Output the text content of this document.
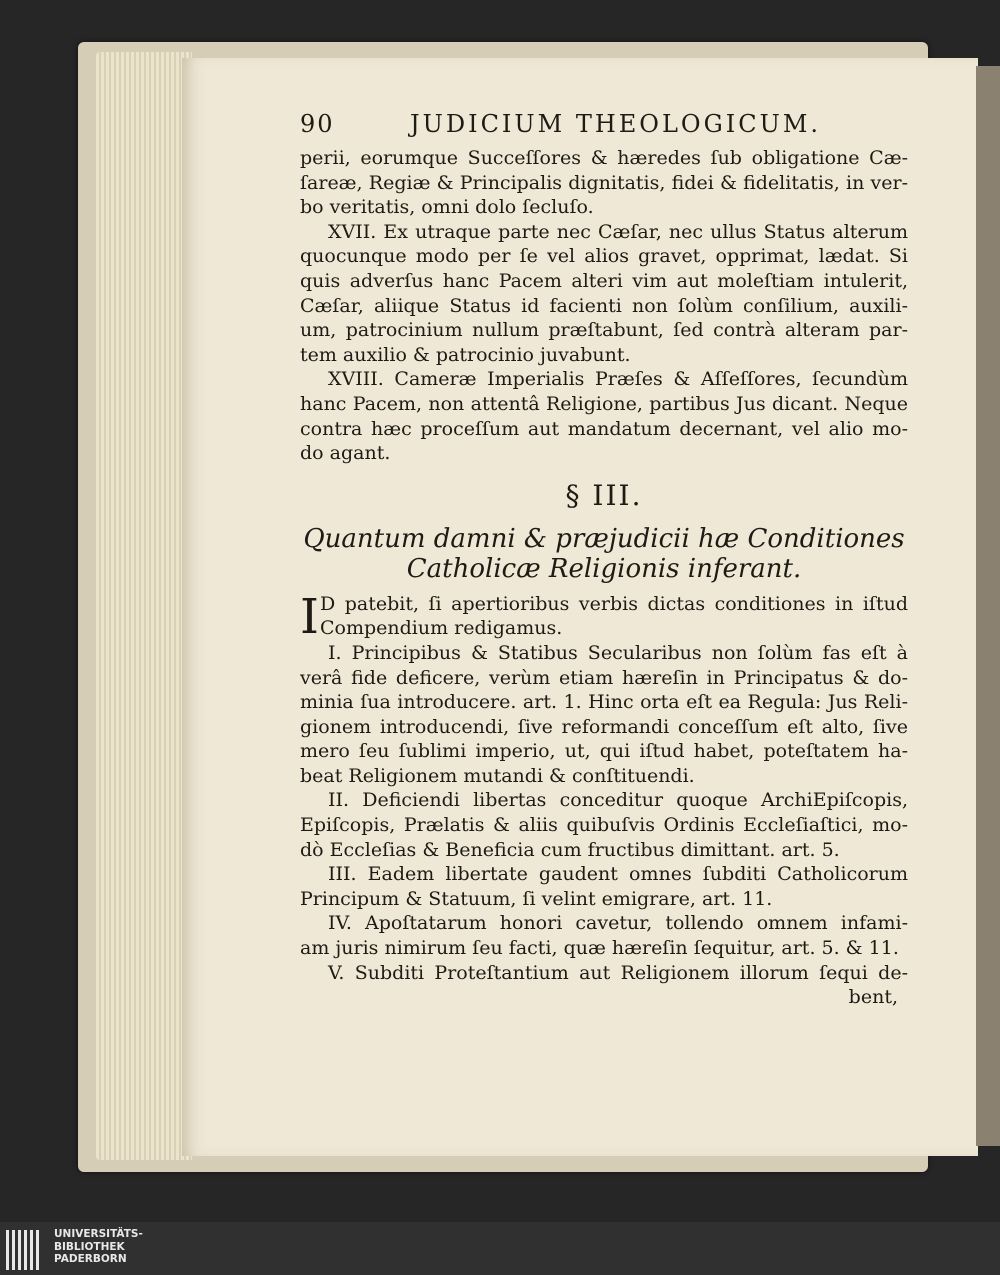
90	JUDICIUM THEOLOGICUM.
perii, eorumque Succeſſores & hæredes ſub obligatione Cæ-
ſareæ, Regiæ & Principalis dignitatis, fidei & fidelitatis, in ver-
bo veritatis, omni dolo ſecluſo.
XVII. Ex utraque parte nec Cæſar, nec ullus Status alterum
quocunque modo per ſe vel alios gravet, opprimat, lædat. Si
quis adverſus hanc Pacem alteri vim aut moleſtiam intulerit,
Cæſar, aliique Status id facienti non ſolùm conſilium, auxili-
um, patrocinium nullum præſtabunt, ſed contrà alteram par-
tem auxilio & patrocinio juvabunt.
XVIII. Cameræ Imperialis Præſes & Aſſeſſores, ſecundùm
hanc Pacem, non attentâ Religione, partibus Jus dicant. Neque
contra hæc proceſſum aut mandatum decernant, vel alio mo-
do agant.
§ III.
Quantum damni & præjudicii hæ Conditiones
Catholicæ Religionis inferant.
I D patebit, ſi apertioribus verbis dictas conditiones in iſtud
Compendium redigamus.
I. Principibus & Statibus Secularibus non ſolùm fas eſt à
verâ fide deficere, verùm etiam hæreſin in Principatus & do-
minia ſua introducere. art. 1. Hinc orta eſt ea Regula: Jus Reli-
gionem introducendi, ſive reformandi conceſſum eſt alto, ſive
mero ſeu ſublimi imperio, ut, qui iſtud habet, poteſtatem ha-
beat Religionem mutandi & conſtituendi.
II. Deficiendi libertas conceditur quoque ArchiEpiſcopis,
Epiſcopis, Prælatis & aliis quibuſvis Ordinis Eccleſiaſtici, mo-
dò Eccleſias & Beneficia cum fructibus dimittant. art. 5.
III. Eadem libertate gaudent omnes ſubditi Catholicorum
Principum & Statuum, ſi velint emigrare, art. 11.
IV. Apoſtatarum honori cavetur, tollendo omnem infami-
am juris nimirum ſeu facti, quæ hæreſin ſequitur, art. 5. & 11.
V. Subditi Proteſtantium aut Religionem illorum ſequi de-
bent,
UNIVERSITÄTS-
BIBLIOTHEK
PADERBORN
